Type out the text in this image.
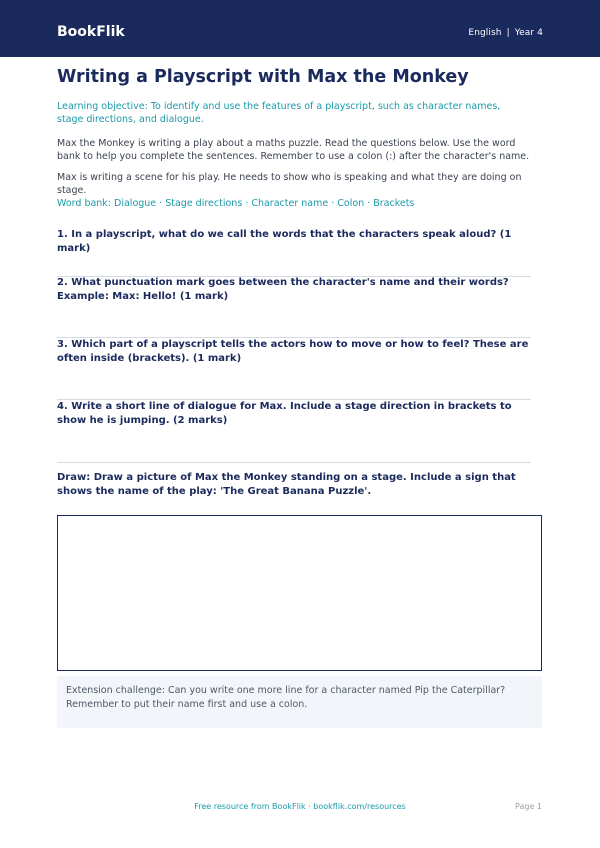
BookFlik	English | Year 4
Writing a Playscript with Max the Monkey
Learning objective: To identify and use the features of a playscript, such as character names, stage directions, and dialogue.
Max the Monkey is writing a play about a maths puzzle. Read the questions below. Use the word bank to help you complete the sentences. Remember to use a colon (:) after the character's name.
Max is writing a scene for his play. He needs to show who is speaking and what they are doing on stage.
Word bank: Dialogue · Stage directions · Character name · Colon · Brackets
1. In a playscript, what do we call the words that the characters speak aloud? (1 mark)
2. What punctuation mark goes between the character's name and their words? Example: Max: Hello! (1 mark)
3. Which part of a playscript tells the actors how to move or how to feel? These are often inside (brackets). (1 mark)
4. Write a short line of dialogue for Max. Include a stage direction in brackets to show he is jumping. (2 marks)
Draw: Draw a picture of Max the Monkey standing on a stage. Include a sign that shows the name of the play: 'The Great Banana Puzzle'.
Extension challenge: Can you write one more line for a character named Pip the Caterpillar? Remember to put their name first and use a colon.
Free resource from BookFlik · bookflik.com/resources	Page 1
